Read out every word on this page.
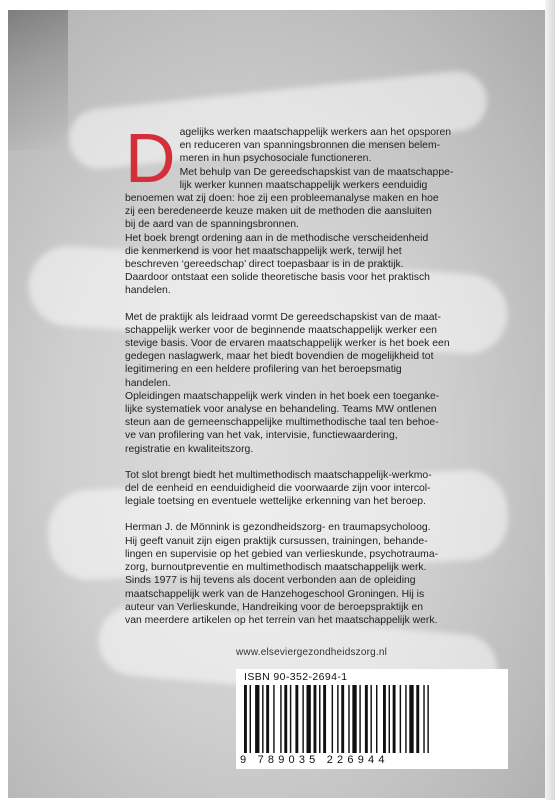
D agelijks werken maatschappelijk werkers aan het opsporen
en reduceren van spanningsbronnen die mensen belem-
meren in hun psychosociale functioneren.

Met behulp van De gereedschapskist van de maatschappe-
lijk werker kunnen maatschappelijk werkers eenduidig
benoemen wat zij doen: hoe zij een probleemanalyse maken en hoe
zij een beredeneerde keuze maken uit de methoden die aansluiten
bij de aard van de spanningsbronnen.

Het boek brengt ordening aan in de methodische verscheidenheid
die kenmerkend is voor het maatschappelijk werk, terwijl het
beschreven ‘gereedschap’ direct toepasbaar is in de praktijk.
Daardoor ontstaat een solide theoretische basis voor het praktisch
handelen.

Met de praktijk als leidraad vormt De gereedschapskist van de maat-
schappelijk werker voor de beginnende maatschappelijk werker een
stevige basis. Voor de ervaren maatschappelijk werker is het boek een
gedegen naslagwerk, maar het biedt bovendien de mogelijkheid tot
legitimering en een heldere profilering van het beroepsmatig
handelen.

Opleidingen maatschappelijk werk vinden in het boek een toeganke-
lijke systematiek voor analyse en behandeling. Teams MW ontlenen
steun aan de gemeenschappelijke multimethodische taal ten behoe-
ve van profilering van het vak, intervisie, functiewaardering,
registratie en kwaliteitszorg.

Tot slot brengt biedt het multimethodisch maatschappelijk-werkmo-
del de eenheid en eenduidigheid die voorwaarde zijn voor intercol-
legiale toetsing en eventuele wettelijke erkenning van het beroep.

Herman J. de Mönnink is gezondheidszorg- en traumapsycholoog.
Hij geeft vanuit zijn eigen praktijk cursussen, trainingen, behande-
lingen en supervisie op het gebied van verlieskunde, psychotrauma-
zorg, burnoutpreventie en multimethodisch maatschappelijk werk.
Sinds 1977 is hij tevens als docent verbonden aan de opleiding
maatschappelijk werk van de Hanzehogeschool Groningen. Hij is
auteur van Verlieskunde, Handreiking voor de beroepspraktijk en
van meerdere artikelen op het terrein van het maatschappelijk werk.

www.elseviergezondheidszorg.nl
ISBN 90-352-2694-1
9 789035 226944
